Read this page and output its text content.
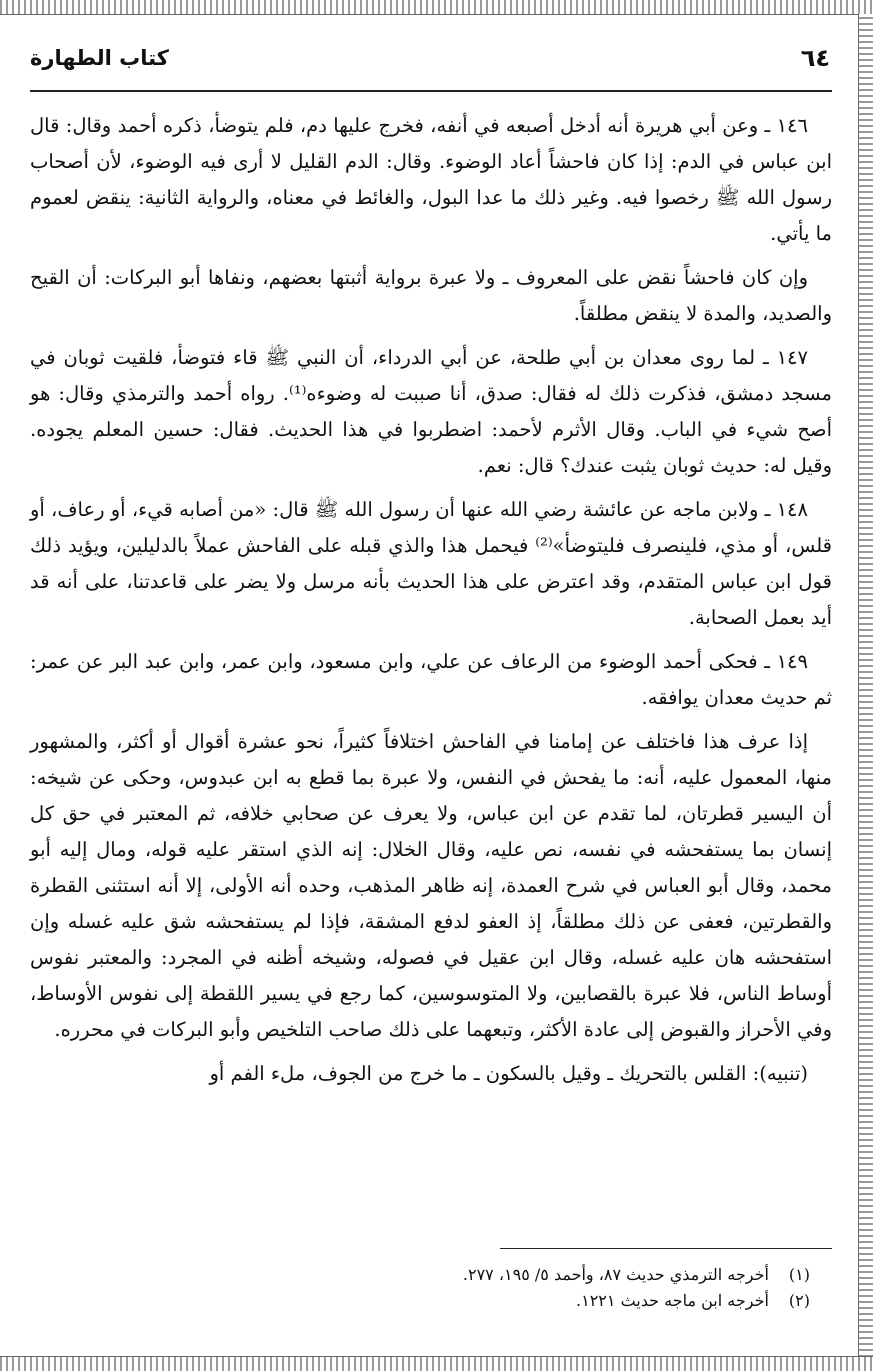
٦٤
كتاب الطهارة

١٤٦ ـ وعن أبي هريرة أنه أدخل أصبعه في أنفه، فخرج عليها دم، فلم يتوضأ، ذكره أحمد وقال: قال ابن عباس في الدم: إذا كان فاحشاً أعاد الوضوء. وقال: الدم القليل لا أرى فيه الوضوء، لأن أصحاب رسول الله ﷺ رخصوا فيه. وغير ذلك ما عدا البول، والغائط في معناه، والرواية الثانية: ينقض لعموم ما يأتي.

وإن كان فاحشاً نقض على المعروف ـ ولا عبرة برواية أثبتها بعضهم، ونفاها أبو البركات: أن القيح والصديد، والمدة لا ينقض مطلقاً.

١٤٧ ـ لما روى معدان بن أبي طلحة، عن أبي الدرداء، أن النبي ﷺ قاء فتوضأ، فلقيت ثوبان في مسجد دمشق، فذكرت ذلك له فقال: صدق، أنا صببت له وضوءه⁽¹⁾. رواه أحمد والترمذي وقال: هو أصح شيء في الباب. وقال الأثرم لأحمد: اضطربوا في هذا الحديث. فقال: حسين المعلم يجوده. وقيل له: حديث ثوبان يثبت عندك؟ قال: نعم.

١٤٨ ـ ولابن ماجه عن عائشة رضي الله عنها أن رسول الله ﷺ قال: «من أصابه قيء، أو رعاف، أو قلس، أو مذي، فلينصرف فليتوضأ»⁽²⁾ فيحمل هذا والذي قبله على الفاحش عملاً بالدليلين، ويؤيد ذلك قول ابن عباس المتقدم، وقد اعترض على هذا الحديث بأنه مرسل ولا يضر على قاعدتنا، على أنه قد أيد بعمل الصحابة.

١٤٩ ـ فحكى أحمد الوضوء من الرعاف عن علي، وابن مسعود، وابن عمر، وابن عبد البر عن عمر: ثم حديث معدان يوافقه.

إذا عرف هذا فاختلف عن إمامنا في الفاحش اختلافاً كثيراً، نحو عشرة أقوال أو أكثر، والمشهور منها، المعمول عليه، أنه: ما يفحش في النفس، ولا عبرة بما قطع به ابن عبدوس، وحكى عن شيخه: أن اليسير قطرتان، لما تقدم عن ابن عباس، ولا يعرف عن صحابي خلافه، ثم المعتبر في حق كل إنسان بما يستفحشه في نفسه، نص عليه، وقال الخلال: إنه الذي استقر عليه قوله، ومال إليه أبو محمد، وقال أبو العباس في شرح العمدة، إنه ظاهر المذهب، وحده أنه الأولى، إلا أنه استثنى القطرة والقطرتين، فعفى عن ذلك مطلقاً، إذ العفو لدفع المشقة، فإذا لم يستفحشه شق عليه غسله وإن استفحشه هان عليه غسله، وقال ابن عقيل في فصوله، وشيخه أظنه في المجرد: والمعتبر نفوس أوساط الناس، فلا عبرة بالقصابين، ولا المتوسوسين، كما رجع في يسير اللقطة إلى نفوس الأوساط، وفي الأحراز والقبوض إلى عادة الأكثر، وتبعهما على ذلك صاحب التلخيص وأبو البركات في محرره.

(تنبيه): القلس بالتحريك ـ وقيل بالسكون ـ ما خرج من الجوف، ملء الفم أو

(١) أخرجه الترمذي حديث ٨٧، وأحمد ٥/ ١٩٥، ٢٧٧.

(٢) أخرجه ابن ماجه حديث ١٢٢١.
